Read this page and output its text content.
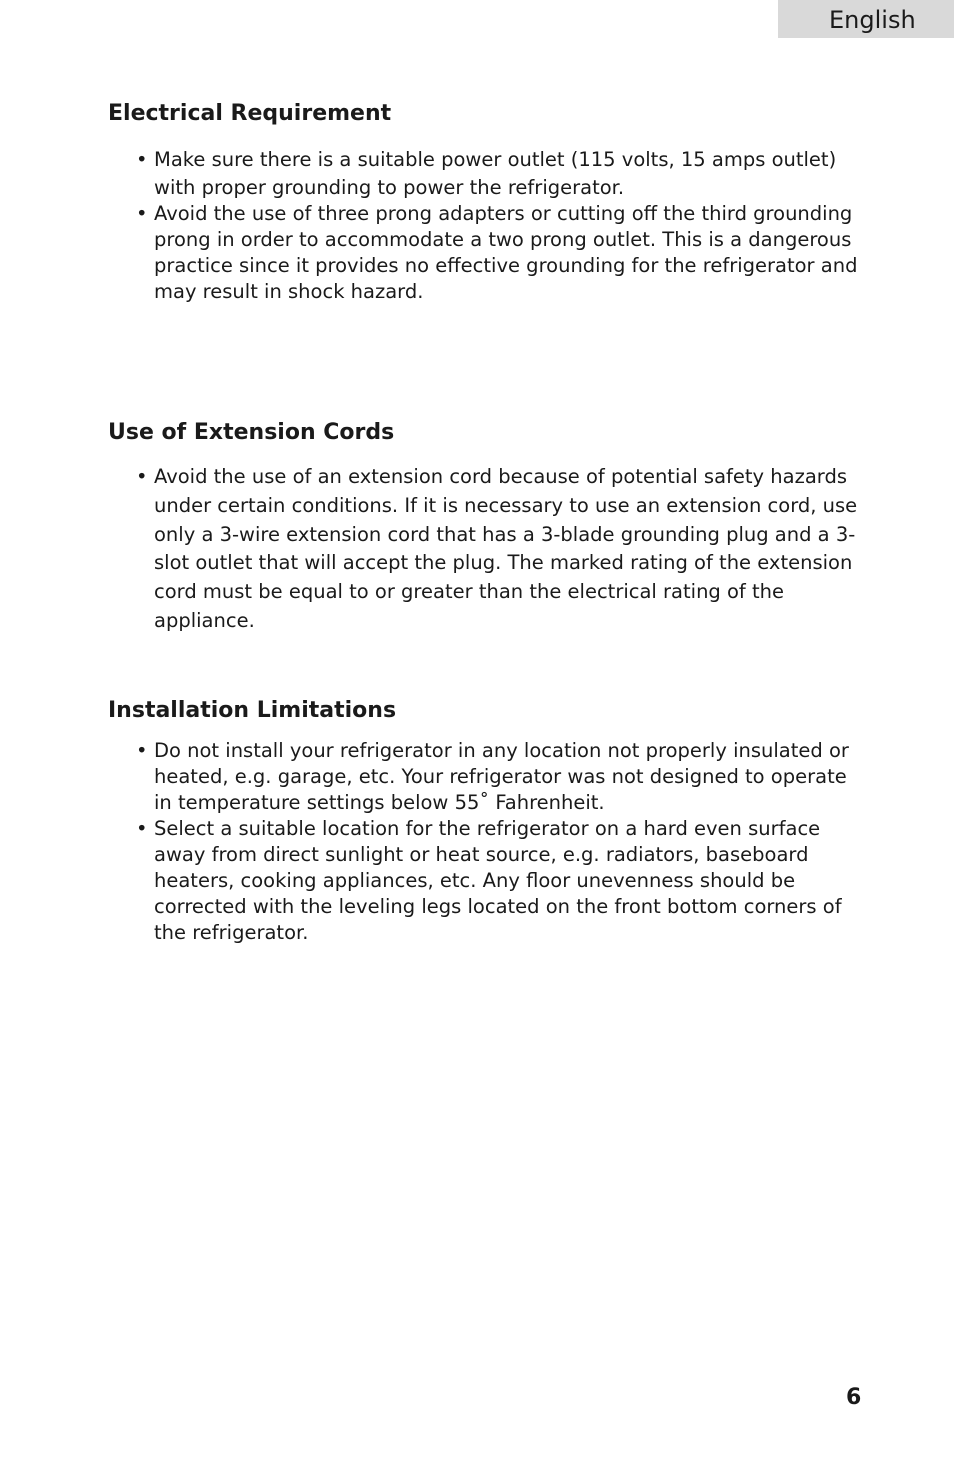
English
Electrical Requirement
• Make sure there is a suitable power outlet (115 volts, 15 amps outlet) with proper grounding to power the refrigerator.
• Avoid the use of three prong adapters or cutting off the third grounding prong in order to accommodate a two prong outlet. This is a dangerous practice since it provides no effective grounding for the refrigerator and may result in shock hazard.
Use of Extension Cords
• Avoid the use of an extension cord because of potential safety hazards under certain conditions. If it is necessary to use an extension cord, use only a 3-wire extension cord that has a 3-blade grounding plug and a 3-slot outlet that will accept the plug. The marked rating of the extension cord must be equal to or greater than the electrical rating of the appliance.
Installation Limitations
• Do not install your refrigerator in any location not properly insulated or heated, e.g. garage, etc. Your refrigerator was not designed to operate in temperature settings below 55˚ Fahrenheit.
• Select a suitable location for the refrigerator on a hard even surface away from direct sunlight or heat source, e.g. radiators, baseboard heaters, cooking appliances, etc. Any floor unevenness should be corrected with the leveling legs located on the front bottom corners of the refrigerator.
6
